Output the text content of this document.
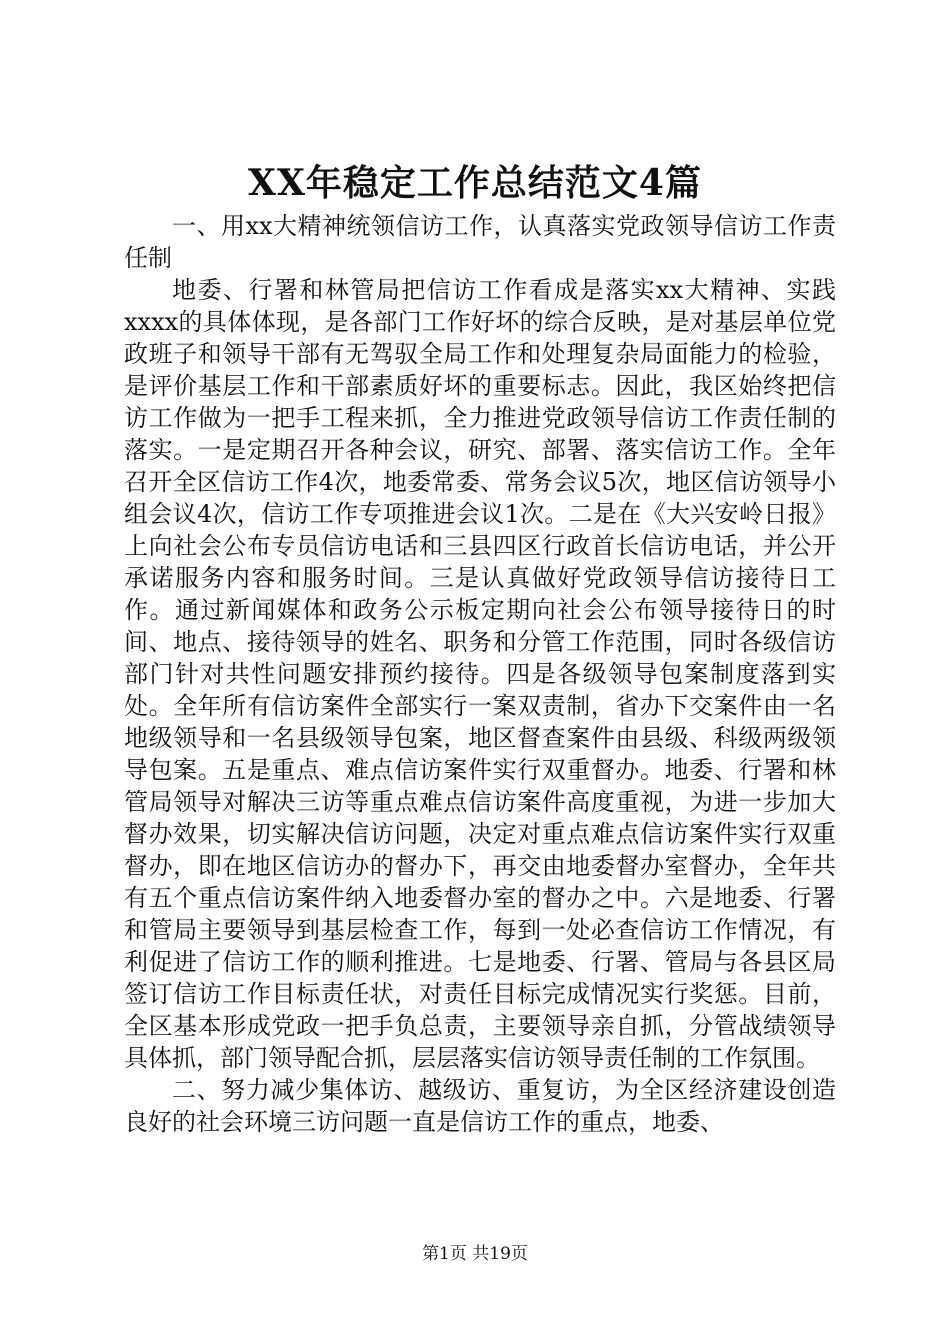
XX年稳定工作总结范文4篇

一、用xx大精神统领信访工作，认真落实党政领导信访工作责任制

地委、行署和林管局把信访工作看成是落实xx大精神、实践xxxx的具体体现，是各部门工作好坏的综合反映，是对基层单位党政班子和领导干部有无驾驭全局工作和处理复杂局面能力的检验，是评价基层工作和干部素质好坏的重要标志。因此，我区始终把信访工作做为一把手工程来抓，全力推进党政领导信访工作责任制的落实。一是定期召开各种会议，研究、部署、落实信访工作。全年召开全区信访工作4次，地委常委、常务会议5次，地区信访领导小组会议4次，信访工作专项推进会议1次。二是在《大兴安岭日报》上向社会公布专员信访电话和三县四区行政首长信访电话，并公开承诺服务内容和服务时间。三是认真做好党政领导信访接待日工作。通过新闻媒体和政务公示板定期向社会公布领导接待日的时间、地点、接待领导的姓名、职务和分管工作范围，同时各级信访部门针对共性问题安排预约接待。四是各级领导包案制度落到实处。全年所有信访案件全部实行一案双责制，省办下交案件由一名地级领导和一名县级领导包案，地区督查案件由县级、科级两级领导包案。五是重点、难点信访案件实行双重督办。地委、行署和林管局领导对解决三访等重点难点信访案件高度重视，为进一步加大督办效果，切实解决信访问题，决定对重点难点信访案件实行双重督办，即在地区信访办的督办下，再交由地委督办室督办，全年共有五个重点信访案件纳入地委督办室的督办之中。六是地委、行署和管局主要领导到基层检查工作，每到一处必查信访工作情况，有利促进了信访工作的顺利推进。七是地委、行署、管局与各县区局签订信访工作目标责任状，对责任目标完成情况实行奖惩。目前，全区基本形成党政一把手负总责，主要领导亲自抓，分管战绩领导具体抓，部门领导配合抓，层层落实信访领导责任制的工作氛围。

二、努力减少集体访、越级访、重复访，为全区经济建设创造良好的社会环境三访问题一直是信访工作的重点，地委、

第1页 共19页
